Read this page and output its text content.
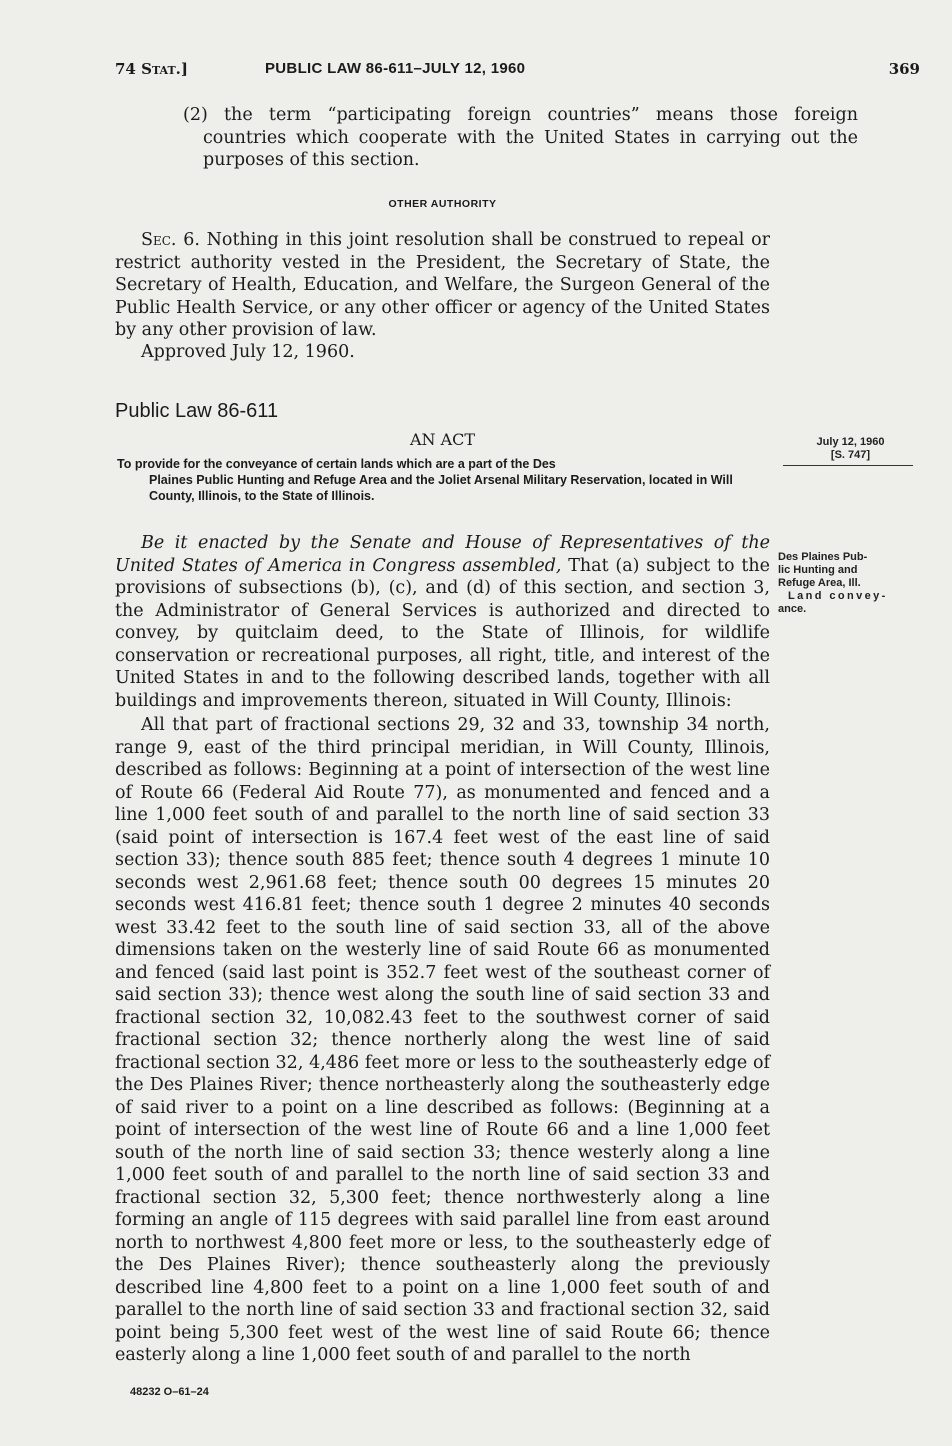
74 Stat.]	PUBLIC LAW 86-611–JULY 12, 1960	369

(2) the term “participating foreign countries” means those foreign countries which cooperate with the United States in carrying out the purposes of this section.

OTHER AUTHORITY

Sec. 6. Nothing in this joint resolution shall be construed to repeal or restrict authority vested in the President, the Secretary of State, the Secretary of Health, Education, and Welfare, the Surgeon General of the Public Health Service, or any other officer or agency of the United States by any other provision of law.

Approved July 12, 1960.

Public Law 86-611
AN ACT
To provide for the conveyance of certain lands which are a part of the Des
Plaines Public Hunting and Refuge Area and the Joliet Arsenal Military Reservation, located in Will County, Illinois, to the State of Illinois.
July 12, 1960
[S. 747]
Des Plaines Pub-
lic Hunting and
Refuge Area, Ill.
Land convey-
ance.

Be it enacted by the Senate and House of Representatives of the United States of America in Congress assembled, That (a) subject to the provisions of subsections (b), (c), and (d) of this section, and section 3, the Administrator of General Services is authorized and directed to convey, by quitclaim deed, to the State of Illinois, for wildlife conservation or recreational purposes, all right, title, and interest of the United States in and to the following described lands, together with all buildings and improvements thereon, situated in Will County, Illinois:

All that part of fractional sections 29, 32 and 33, township 34 north, range 9, east of the third principal meridian, in Will County, Illinois, described as follows: Beginning at a point of intersection of the west line of Route 66 (Federal Aid Route 77), as monumented and fenced and a line 1,000 feet south of and parallel to the north line of said section 33 (said point of intersection is 167.4 feet west of the east line of said section 33); thence south 885 feet; thence south 4 degrees 1 minute 10 seconds west 2,961.68 feet; thence south 00 degrees 15 minutes 20 seconds west 416.81 feet; thence south 1 degree 2 minutes 40 seconds west 33.42 feet to the south line of said section 33, all of the above dimensions taken on the westerly line of said Route 66 as monumented and fenced (said last point is 352.7 feet west of the southeast corner of said section 33); thence west along the south line of said section 33 and fractional section 32, 10,082.43 feet to the southwest corner of said fractional section 32; thence northerly along the west line of said fractional section 32, 4,486 feet more or less to the southeasterly edge of the Des Plaines River; thence northeasterly along the southeasterly edge of said river to a point on a line described as follows: (Beginning at a point of intersection of the west line of Route 66 and a line 1,000 feet south of the north line of said section 33; thence westerly along a line 1,000 feet south of and parallel to the north line of said section 33 and fractional section 32, 5,300 feet; thence northwesterly along a line forming an angle of 115 degrees with said parallel line from east around north to northwest 4,800 feet more or less, to the southeasterly edge of the Des Plaines River); thence southeasterly along the previously described line 4,800 feet to a point on a line 1,000 feet south of and parallel to the north line of said section 33 and fractional section 32, said point being 5,300 feet west of the west line of said Route 66; thence easterly along a line 1,000 feet south of and parallel to the north

48232 O–61–24
